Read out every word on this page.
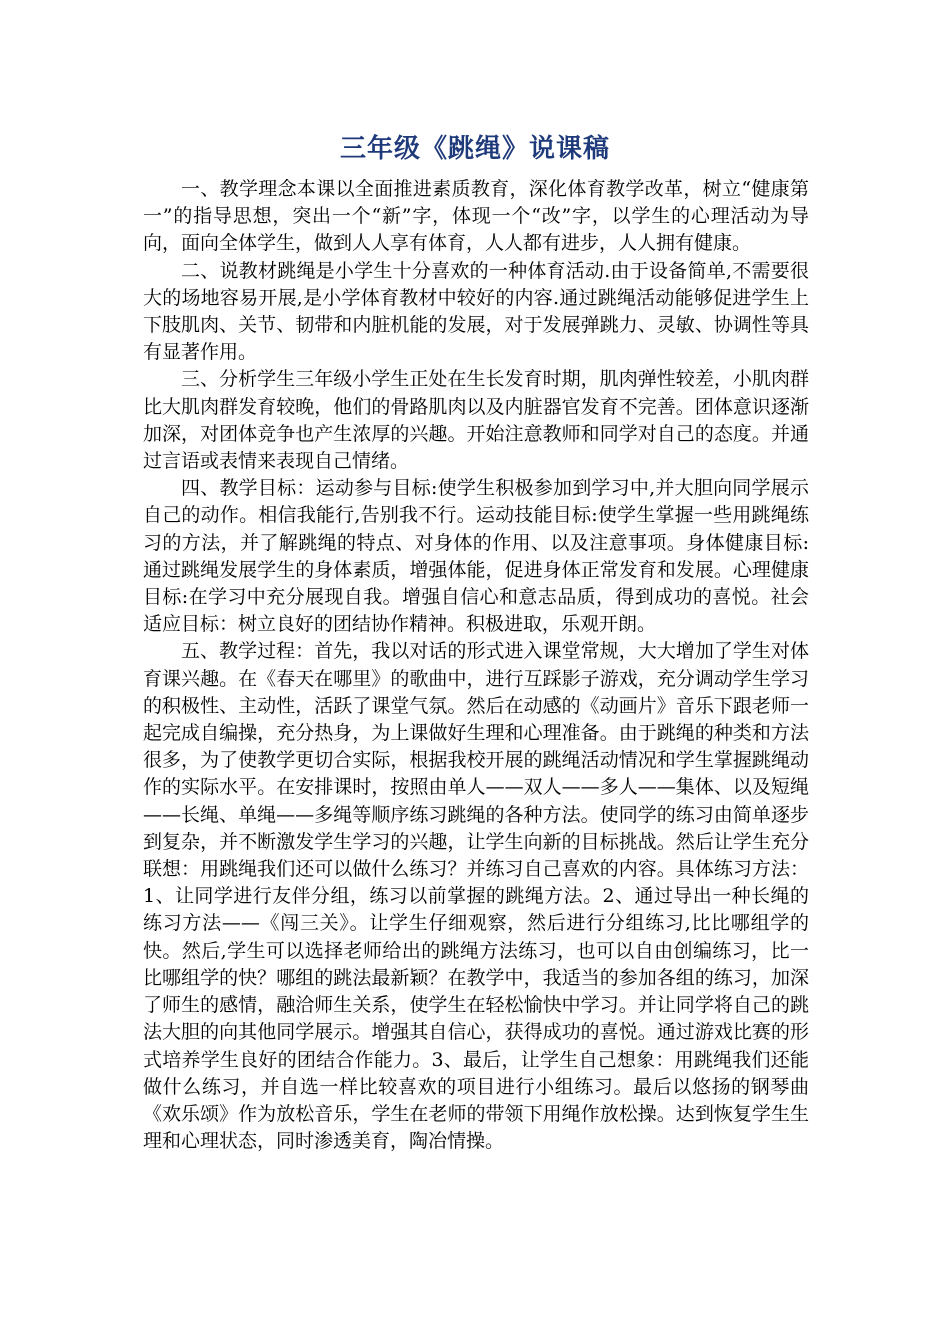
三年级《跳绳》说课稿

一、教学理念本课以全面推进素质教育，深化体育教学改革，树立“健康第一”的指导思想，突出一个“新”字，体现一个“改”字，以学生的心理活动为导向，面向全体学生，做到人人享有体育，人人都有进步，人人拥有健康。

二、说教材跳绳是小学生十分喜欢的一种体育活动.由于设备简单,不需要很大的场地容易开展,是小学体育教材中较好的内容.通过跳绳活动能够促进学生上下肢肌肉、关节、韧带和内脏机能的发展，对于发展弹跳力、灵敏、协调性等具有显著作用。

三、分析学生三年级小学生正处在生长发育时期，肌肉弹性较差，小肌肉群比大肌肉群发育较晚，他们的骨路肌肉以及内脏器官发育不完善。团体意识逐渐加深，对团体竞争也产生浓厚的兴趣。开始注意教师和同学对自己的态度。并通过言语或表情来表现自己情绪。

四、教学目标：运动参与目标:使学生积极参加到学习中,并大胆向同学展示自己的动作。相信我能行,告别我不行。运动技能目标:使学生掌握一些用跳绳练习的方法，并了解跳绳的特点、对身体的作用、以及注意事项。身体健康目标:通过跳绳发展学生的身体素质，增强体能，促进身体正常发育和发展。心理健康目标:在学习中充分展现自我。增强自信心和意志品质，得到成功的喜悦。社会适应目标：树立良好的团结协作精神。积极进取，乐观开朗。

五、教学过程：首先，我以对话的形式进入课堂常规，大大增加了学生对体育课兴趣。在《春天在哪里》的歌曲中，进行互踩影子游戏，充分调动学生学习的积极性、主动性，活跃了课堂气氛。然后在动感的《动画片》音乐下跟老师一起完成自编操，充分热身，为上课做好生理和心理准备。由于跳绳的种类和方法很多，为了使教学更切合实际，根据我校开展的跳绳活动情况和学生掌握跳绳动作的实际水平。在安排课时，按照由单人——双人——多人——集体、以及短绳——长绳、单绳——多绳等顺序练习跳绳的各种方法。使同学的练习由简单逐步到复杂，并不断激发学生学习的兴趣，让学生向新的目标挑战。然后让学生充分联想：用跳绳我们还可以做什么练习？并练习自己喜欢的内容。具体练习方法：1、让同学进行友伴分组，练习以前掌握的跳绳方法。2、通过导出一种长绳的练习方法——《闯三关》。让学生仔细观察，然后进行分组练习,比比哪组学的快。然后,学生可以选择老师给出的跳绳方法练习，也可以自由创编练习，比一比哪组学的快？哪组的跳法最新颖？在教学中，我适当的参加各组的练习，加深了师生的感情，融洽师生关系，使学生在轻松愉快中学习。并让同学将自己的跳法大胆的向其他同学展示。增强其自信心，获得成功的喜悦。通过游戏比赛的形式培养学生良好的团结合作能力。3、最后，让学生自己想象：用跳绳我们还能做什么练习，并自选一样比较喜欢的项目进行小组练习。最后以悠扬的钢琴曲《欢乐颂》作为放松音乐，学生在老师的带领下用绳作放松操。达到恢复学生生理和心理状态，同时渗透美育，陶冶情操。
